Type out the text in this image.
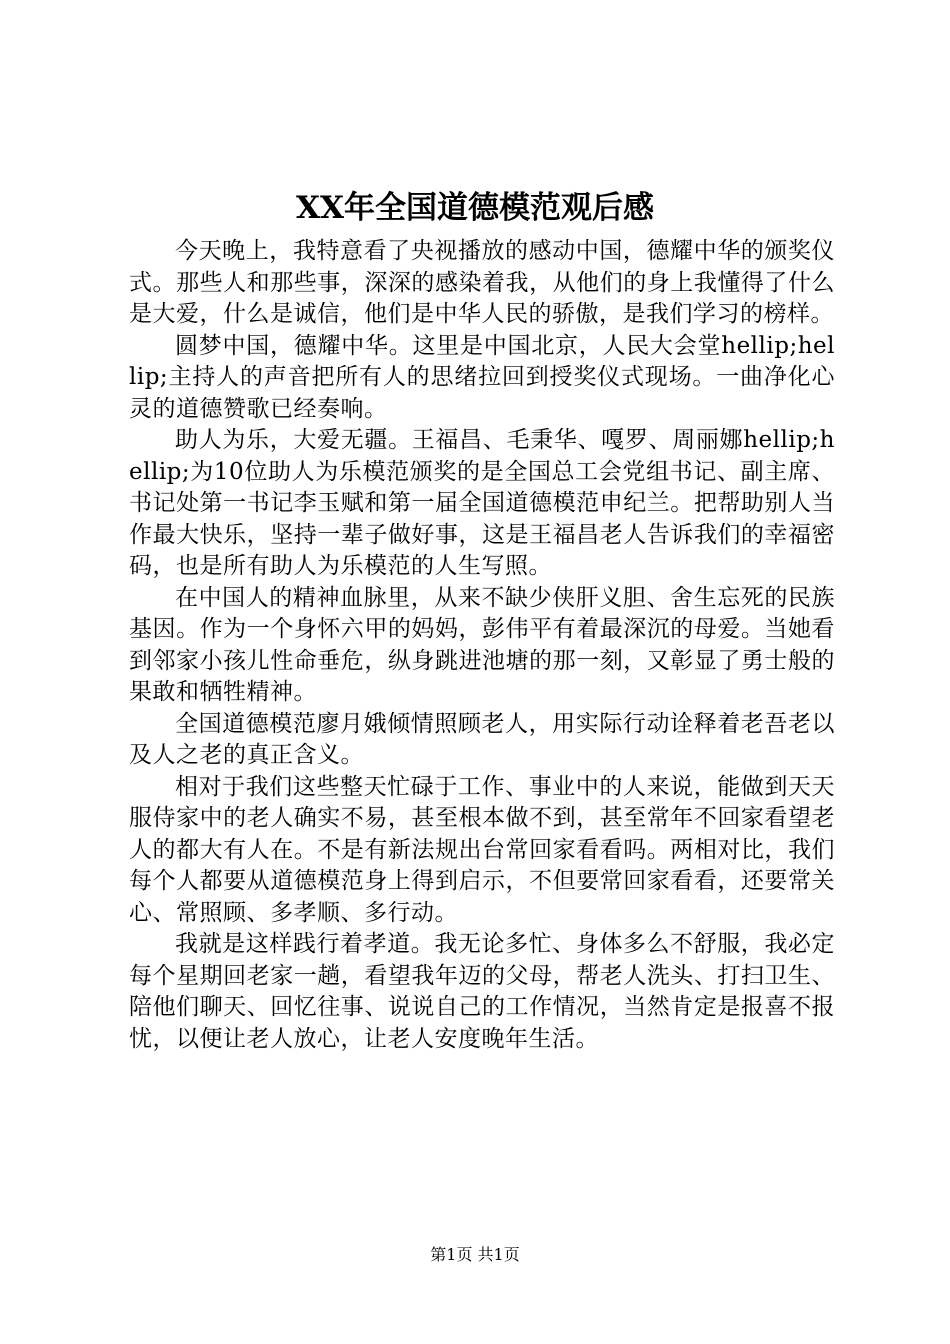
XX年全国道德模范观后感

今天晚上，我特意看了央视播放的感动中国，德耀中华的颁奖仪式。那些人和那些事，深深的感染着我，从他们的身上我懂得了什么是大爱，什么是诚信，他们是中华人民的骄傲，是我们学习的榜样。

圆梦中国，德耀中华。这里是中国北京，人民大会堂hellip;hellip;主持人的声音把所有人的思绪拉回到授奖仪式现场。一曲净化心灵的道德赞歌已经奏响。

助人为乐，大爱无疆。王福昌、毛秉华、嘎罗、周丽娜hellip;hellip;为10位助人为乐模范颁奖的是全国总工会党组书记、副主席、书记处第一书记李玉赋和第一届全国道德模范申纪兰。把帮助别人当作最大快乐，坚持一辈子做好事，这是王福昌老人告诉我们的幸福密码，也是所有助人为乐模范的人生写照。

在中国人的精神血脉里，从来不缺少侠肝义胆、舍生忘死的民族基因。作为一个身怀六甲的妈妈，彭伟平有着最深沉的母爱。当她看到邻家小孩儿性命垂危，纵身跳进池塘的那一刻，又彰显了勇士般的果敢和牺牲精神。

全国道德模范廖月娥倾情照顾老人，用实际行动诠释着老吾老以及人之老的真正含义。

相对于我们这些整天忙碌于工作、事业中的人来说，能做到天天服侍家中的老人确实不易，甚至根本做不到，甚至常年不回家看望老人的都大有人在。不是有新法规出台常回家看看吗。两相对比，我们每个人都要从道德模范身上得到启示，不但要常回家看看，还要常关心、常照顾、多孝顺、多行动。

我就是这样践行着孝道。我无论多忙、身体多么不舒服，我必定每个星期回老家一趟，看望我年迈的父母，帮老人洗头、打扫卫生、陪他们聊天、回忆往事、说说自己的工作情况，当然肯定是报喜不报忧，以便让老人放心，让老人安度晚年生活。

第1页 共1页
